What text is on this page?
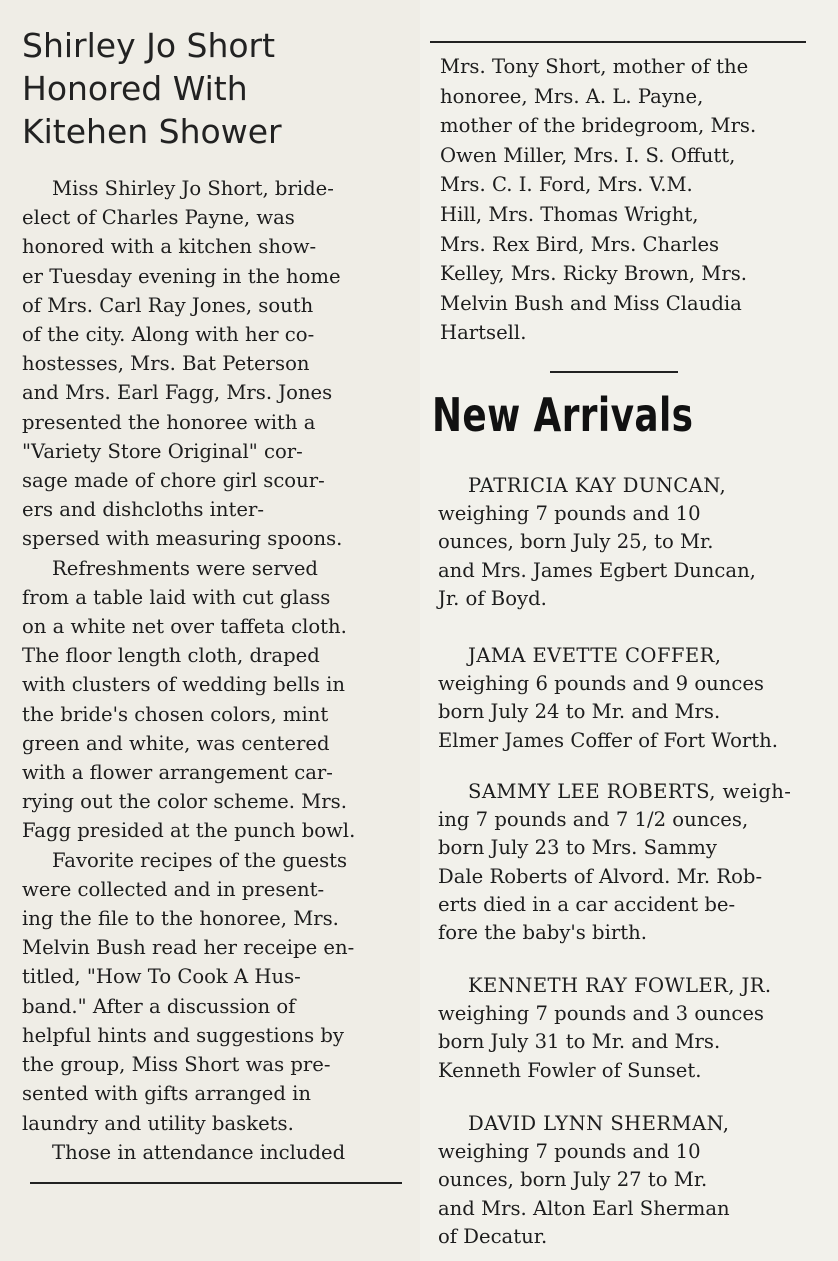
Shirley Jo Short
Honored With
Kitehen Shower
Miss Shirley Jo Short, bride-
elect of Charles Payne, was
honored with a kitchen show-
er Tuesday evening in the home
of Mrs. Carl Ray Jones, south
of the city. Along with her co-
hostesses, Mrs. Bat Peterson
and Mrs. Earl Fagg, Mrs. Jones
presented the honoree with a
"Variety Store Original" cor-
sage made of chore girl scour-
ers and dishcloths inter-
spersed with measuring spoons.
Refreshments were served
from a table laid with cut glass
on a white net over taffeta cloth.
The floor length cloth, draped
with clusters of wedding bells in
the bride's chosen colors, mint
green and white, was centered
with a flower arrangement car-
rying out the color scheme. Mrs.
Fagg presided at the punch bowl.
Favorite recipes of the guests
were collected and in present-
ing the file to the honoree, Mrs.
Melvin Bush read her receipe en-
titled, "How To Cook A Hus-
band." After a discussion of
helpful hints and suggestions by
the group, Miss Short was pre-
sented with gifts arranged in
laundry and utility baskets.
Those in attendance included
Mrs. Tony Short, mother of the
honoree, Mrs. A. L. Payne,
mother of the bridegroom, Mrs.
Owen Miller, Mrs. I. S. Offutt,
Mrs. C. I. Ford, Mrs. V.M.
Hill, Mrs. Thomas Wright,
Mrs. Rex Bird, Mrs. Charles
Kelley, Mrs. Ricky Brown, Mrs.
Melvin Bush and Miss Claudia
Hartsell.
New Arrivals
PATRICIA KAY DUNCAN,
weighing 7 pounds and 10
ounces, born July 25, to Mr.
and Mrs. James Egbert Duncan,
Jr. of Boyd.
JAMA EVETTE COFFER,
weighing 6 pounds and 9 ounces
born July 24 to Mr. and Mrs.
Elmer James Coffer of Fort Worth.
SAMMY LEE ROBERTS, weigh-
ing 7 pounds and 7 1/2 ounces,
born July 23 to Mrs. Sammy
Dale Roberts of Alvord. Mr. Rob-
erts died in a car accident be-
fore the baby's birth.
KENNETH RAY FOWLER, JR.
weighing 7 pounds and 3 ounces
born July 31 to Mr. and Mrs.
Kenneth Fowler of Sunset.
DAVID LYNN SHERMAN,
weighing 7 pounds and 10
ounces, born July 27 to Mr.
and Mrs. Alton Earl Sherman
of Decatur.
